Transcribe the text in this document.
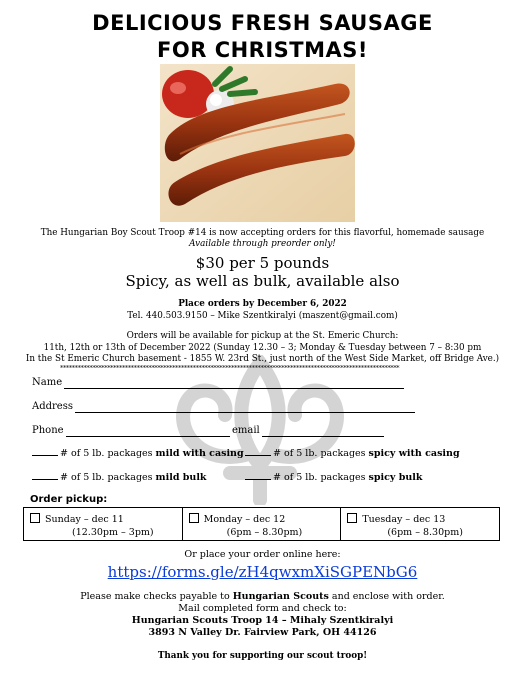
DELICIOUS FRESH SAUSAGE
FOR CHRISTMAS!
The Hungarian Boy Scout Troop #14 is now accepting orders for this flavorful, homemade sausage
Available through preorder only!
$30 per 5 pounds
Spicy, as well as bulk, available also
Place orders by December 6, 2022
Tel. 440.503.9150 – Mike Szentkiralyi (maszent@gmail.com)
Orders will be available for pickup at the St. Emeric Church:
11th, 12th or 13th of December 2022 (Sunday 12.30 – 3; Monday & Tuesday between 7 – 8:30 pm
In the St Emeric Church basement - 1855 W. 23rd St., just north of the West Side Market, off Bridge Ave.)
*******************************************************************************************************************
Name
Address
Phone	email
# of 5 lb. packages mild with casing	# of 5 lb. packages spicy with casing
# of 5 lb. packages mild bulk	# of 5 lb. packages spicy bulk
Order pickup:
Sunday – dec 11
(12.30pm – 3pm)
Monday – dec 12
(6pm – 8.30pm)
Tuesday – dec 13
(6pm – 8.30pm)
Or place your order online here:
https://forms.gle/zH4qwxmXiSGPENbG6
Please make checks payable to Hungarian Scouts and enclose with order.
Mail completed form and check to:
Hungarian Scouts Troop 14 – Mihaly Szentkiralyi
3893 N Valley Dr. Fairview Park, OH 44126
Thank you for supporting our scout troop!
